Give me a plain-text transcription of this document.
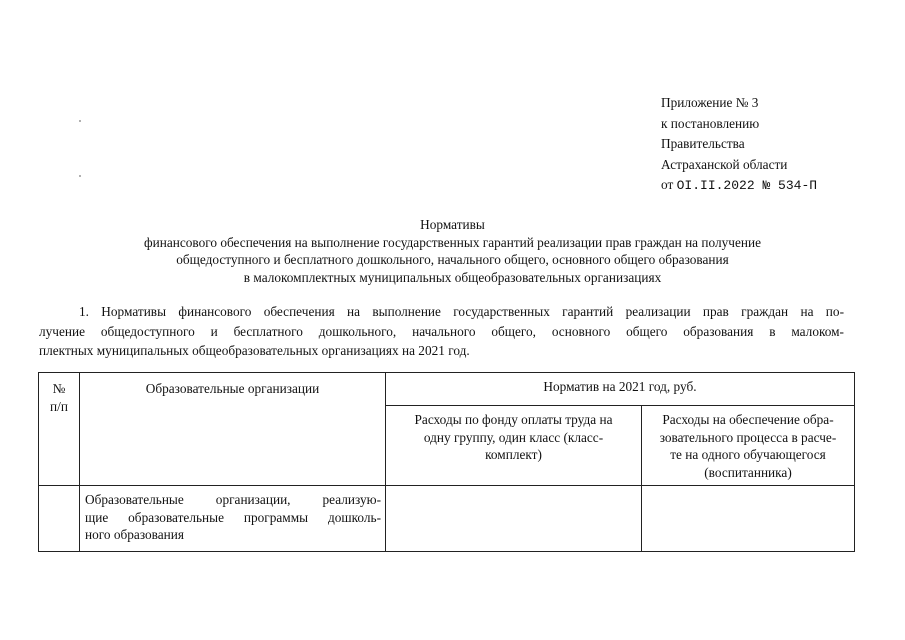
Приложение № 3
к постановлению
Правительства
Астраханской области
от OI.II.2022 № 534-П
Нормативы
финансового обеспечения на выполнение государственных гарантий реализации прав граждан на получение
общедоступного и бесплатного дошкольного, начального общего, основного общего образования
в малокомплектных муниципальных общеобразовательных организациях
1. Нормативы финансового обеспечения на выполнение государственных гарантий реализации прав граждан на по-
лучение общедоступного и бесплатного дошкольного, начального общего, основного общего образования в малоком-
плектных муниципальных общеобразовательных организациях на 2021 год.
№
п/п	Образовательные организации	Норматив на 2021 год, руб.	

		Расходы по фонду оплаты труда на
одну группу, один класс (класс-
комплект)	Расходы на обеспечение обра-
зовательного процесса в расче-
те на одного обучающегося
(воспитанника)

	Образовательные организации, реализую-
щие образовательные программы дошколь-
ного образования		
